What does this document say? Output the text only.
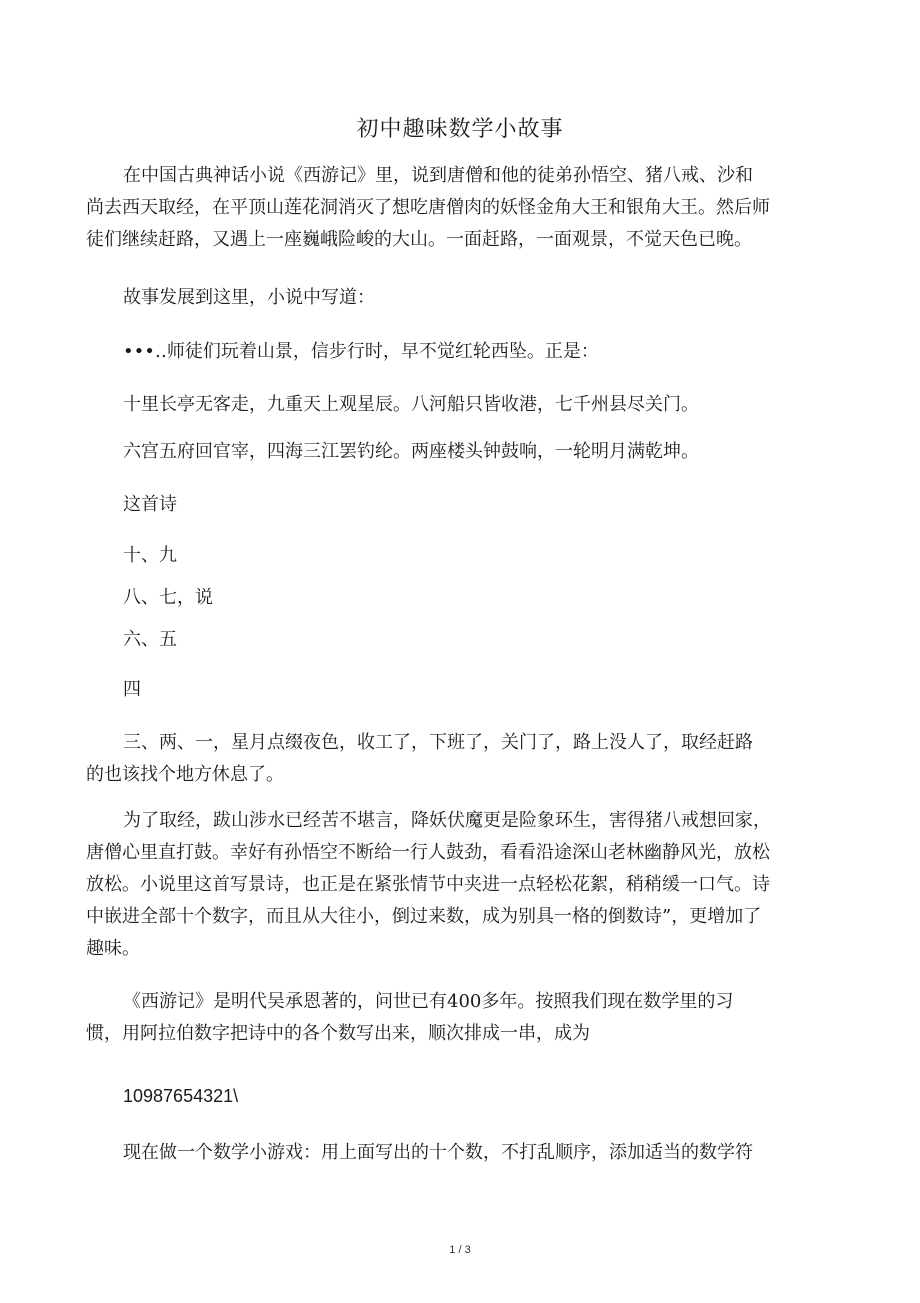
初中趣味数学小故事

在中国古典神话小说《西游记》里，说到唐僧和他的徒弟孙悟空、猪八戒、沙和
尚去西天取经，在平顶山莲花洞消灭了想吃唐僧肉的妖怪金角大王和银角大王。然后师
徒们继续赶路，又遇上一座巍峨险峻的大山。一面赶路，一面观景，不觉天色已晚。

故事发展到这里，小说中写道：

•••‥师徒们玩着山景，信步行时，早不觉红轮西坠。正是：

十里长亭无客走，九重天上观星辰。八河船只皆收港，七千州县尽关门。

六宫五府回官宰，四海三江罢钓纶。两座楼头钟鼓响，一轮明月满乾坤。

这首诗

十、九

八、七，说

六、五

四

三、两、一，星月点缀夜色，收工了，下班了，关门了，路上没人了，取经赶路
的也该找个地方休息了。

为了取经，跋山涉水已经苦不堪言，降妖伏魔更是险象环生，害得猪八戒想回家，
唐僧心里直打鼓。幸好有孙悟空不断给一行人鼓劲，看看沿途深山老林幽静风光，放松
放松。小说里这首写景诗，也正是在紧张情节中夹进一点轻松花絮，稍稍缓一口气。诗
中嵌进全部十个数字，而且从大往小，倒过来数，成为别具一格的倒数诗”，更增加了
趣味。

《西游记》是明代吴承恩著的，问世已有400多年。按照我们现在数学里的习
惯，用阿拉伯数字把诗中的各个数写出来，顺次排成一串，成为

10987654321\

现在做一个数学小游戏：用上面写出的十个数，不打乱顺序，添加适当的数学符

1 / 3
